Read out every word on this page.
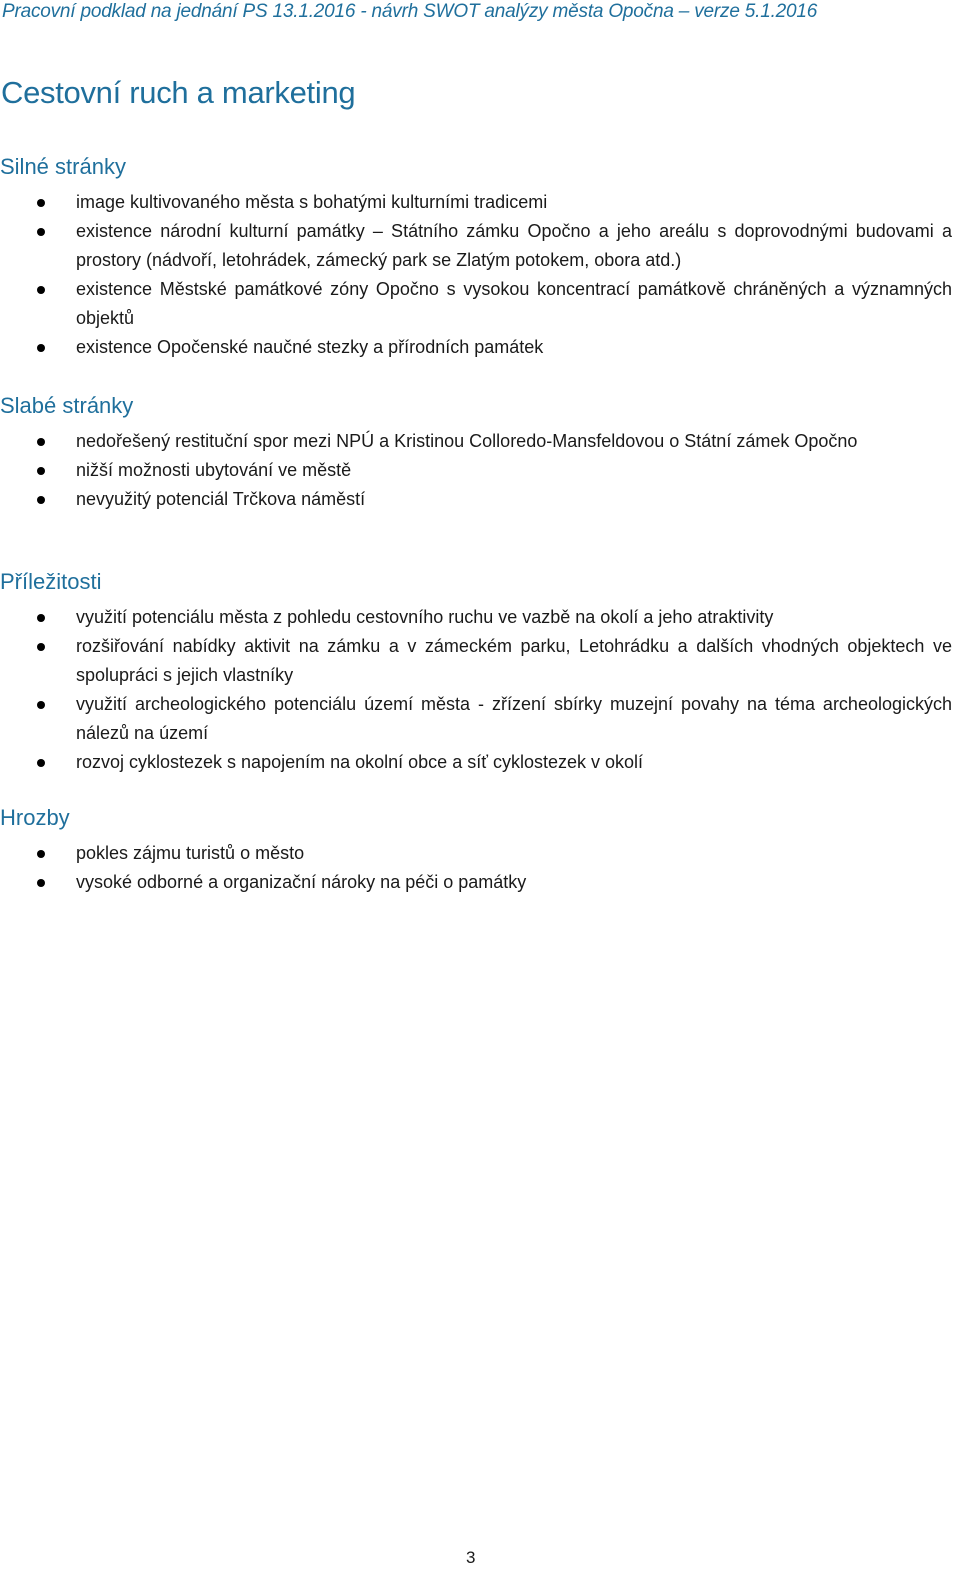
Pracovní podklad na jednání PS 13.1.2016 - návrh SWOT analýzy města Opočna – verze 5.1.2016
Cestovní ruch a marketing
Silné stránky
image kultivovaného města s bohatými kulturními tradicemi
existence národní kulturní památky – Státního zámku Opočno a jeho areálu s doprovodnými budovami a prostory (nádvoří, letohrádek, zámecký park se Zlatým potokem, obora atd.)
existence Městské památkové zóny Opočno s vysokou koncentrací památkově chráněných a významných objektů
existence Opočenské naučné stezky a přírodních památek
Slabé stránky
nedořešený restituční spor mezi NPÚ a Kristinou Colloredo-Mansfeldovou o Státní zámek Opočno
nižší možnosti ubytování ve městě
nevyužitý potenciál Trčkova náměstí
Příležitosti
využití potenciálu města z pohledu cestovního ruchu ve vazbě na okolí a jeho atraktivity
rozšiřování nabídky aktivit na zámku a v zámeckém parku, Letohrádku a dalších vhodných objektech ve spolupráci s jejich vlastníky
využití archeologického potenciálu území města - zřízení sbírky muzejní povahy na téma archeologických nálezů na území
rozvoj cyklostezek s napojením na okolní obce a síť cyklostezek v okolí
Hrozby
pokles zájmu turistů o město
vysoké odborné a organizační nároky na péči o památky
3
